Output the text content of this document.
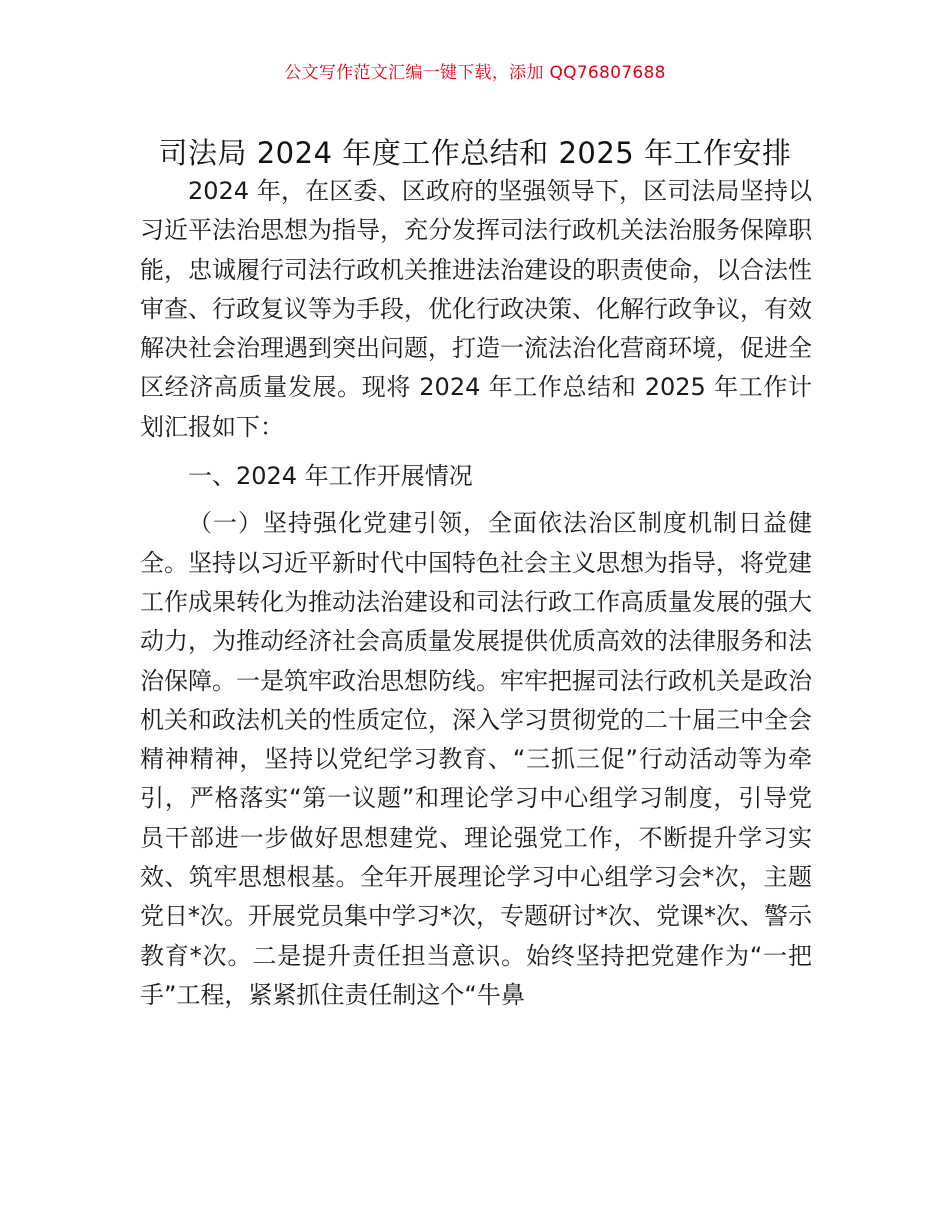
公文写作范文汇编一键下载，添加 QQ76807688
司法局 2024 年度工作总结和 2025 年工作安排

2024 年，在区委、区政府的坚强领导下，区司法局坚持以习近平法治思想为指导，充分发挥司法行政机关法治服务保障职能，忠诚履行司法行政机关推进法治建设的职责使命，以合法性审查、行政复议等为手段，优化行政决策、化解行政争议，有效解决社会治理遇到突出问题，打造一流法治化营商环境，促进全区经济高质量发展。现将 2024 年工作总结和 2025 年工作计划汇报如下：

一、2024 年工作开展情况

（一）坚持强化党建引领，全面依法治区制度机制日益健全。坚持以习近平新时代中国特色社会主义思想为指导，将党建工作成果转化为推动法治建设和司法行政工作高质量发展的强大动力，为推动经济社会高质量发展提供优质高效的法律服务和法治保障。一是筑牢政治思想防线。牢牢把握司法行政机关是政治机关和政法机关的性质定位，深入学习贯彻党的二十届三中全会精神精神，坚持以党纪学习教育、“三抓三促”行动活动等为牵引，严格落实“第一议题”和理论学习中心组学习制度，引导党员干部进一步做好思想建党、理论强党工作，不断提升学习实效、筑牢思想根基。全年开展理论学习中心组学习会*次，主题党日*次。开展党员集中学习*次，专题研讨*次、党课*次、警示教育*次。二是提升责任担当意识。始终坚持把党建作为“一把手”工程，紧紧抓住责任制这个“牛鼻
